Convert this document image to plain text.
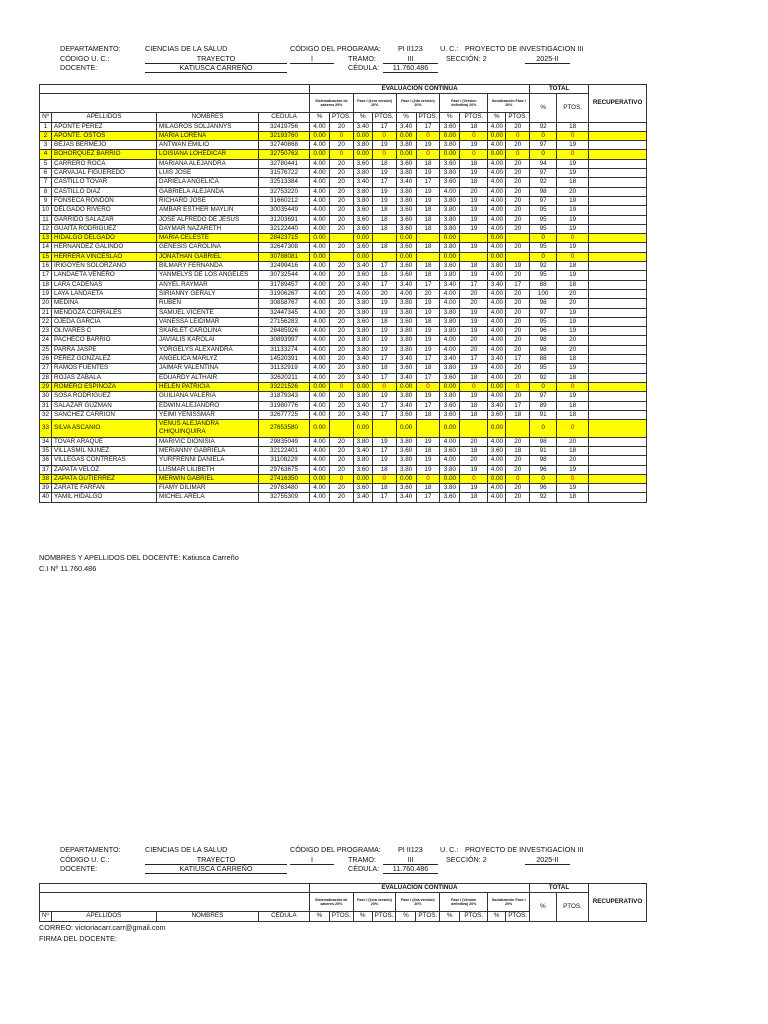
DEPARTAMENTO:	CIENCIAS DE LA SALUD	CÓDIGO DEL PROGRAMA: PI II123 U. C.: PROYECTO DE INVESTIGACION III
CÓDIGO U. C.:	TRAYECTO	I	TRAMO:	III	SECCIÓN: 2	2025-II
DOCENTE:	KATIUSCA CARREÑO	CÉDULA:	11.760.486
				EVALUACIÓN CONTINUA										TOTAL		RECUPERATIVO
				Sistematización de saberes 20%		Fase I (1era versión) 20%		Fase I (2da versión) 20%		Fase I (Versión definitiva) 20%		Socialización Fase I 20%		%	PTOS.	
Nº	APELLIDOS	NOMBRES	CÉDULA	%	PTOS.	%	PTOS.	%	PTOS.	%	PTOS.	%	PTOS.			
1	APONTE PEREZ	MILAGROS SOLJANNYS	32419756	4.00	20	3.40	17	3.40	17	3.60	18	4.00	20	92	18	
2	APONTE. OSTOS	MARIA LORENA	32193760	0.00	0	0.00	0	0.00	0	0.00	0	0.00	0	0	0	
3	BEJAS BERMEJO	ANTWAN EMILIO	32740868	4.00	20	3.80	19	3.80	19	3.80	19	4.00	20	97	19	
4	BOHORQUEZ BARRIO	LOISIANA LOHEDICAR	32750763	0.00	0	0.00	0	0.00	0	0.00	0	0.00	0	0	0	
5	CARRERO ROCA	MARIANA ALEJANDRA	32780441	4.00	20	3.60	18	3.60	18	3.60	18	4.00	20	94	19	
6	CARVAJAL FIGUEREDO	LUIS JOSE	31576722	4.00	20	3.80	19	3.80	19	3.80	19	4.00	20	97	19	
7	CASTILLO TOVAR	DARIELA ANGELICA	32513384	4.00	20	3.40	17	3.40	17	3.60	18	4.00	20	92	18	
8	CASTILLO DIAZ	GABRIELA ALEJANDA	32753220	4.00	20	3.80	19	3.80	19	4.00	20	4.00	20	98	20	
9	FONSECA RONDON	RICHARD JOSE	31660212	4.00	20	3.80	19	3.80	19	3.80	19	4.00	20	97	19	
10	DELGADO RIVERO	AMBAR ESTHER MAYLIN	30035449	4.00	20	3.60	18	3.60	18	3.80	19	4.00	20	95	19	
11	GARRIDO SALAZAR	JOSE ALFREDO DE JESUS	31203691	4.00	20	3.60	18	3.60	18	3.80	19	4.00	20	95	19	
12	GUAITA RODRIGUEZ	DAYMAR NAZARETH	32122440	4.00	20	3.60	18	3.60	18	3.80	19	4.00	20	95	19	
13	HIDALGO DELGADO	MARIA CELESTE	28423715	0.00		0.00		0.00		0.00		0.00		0	0	
14	HERNANDEZ GALINDO	GENESIS CAROLINA	32647308	4.00	20	3.60	18	3.60	18	3.80	19	4.00	20	95	19	
15	HERRERA VINCESLAO	JONATHAN GABRIEL	30788081	0.00		0.00		0.00		0.00		0.00		0	0	
16	IRIGOYEN SOLORZANO	BILMARY FERNANDA	32499416	4.00	20	3.40	17	3.60	18	3.60	18	3.80	19	92	18	
17	LANDAETA VENERO	YANMELYS DE LOS ANGELES	30732544	4.00	20	3.60	18	3.60	18	3.80	19	4.00	20	95	19	
18	LARA CADENAS	ANYEL RAYMAR	31789457	4.00	20	3.40	17	3.40	17	3.40	17	3.40	17	88	18	
19	LAYA LANDAETA	SIRIANNY GERALY	31906267	4.00	20	4.00	20	4.00	20	4.00	20	4.00	20	100	20	
20	MEDINA	RUBEN	30858767	4.00	20	3.80	19	3.80	19	4.00	20	4.00	20	98	20	
21	MENDOZA CORRALES	SAMUEL VICENTE	32447345	4.00	20	3.80	19	3.80	19	3.80	19	4.00	20	97	19	
22	OJEDA GARCIA	VANESSA LEIDIMAR	27156283	4.00	20	3.60	18	3.60	18	3.80	19	4.00	20	95	19	
23	OLIVARES C	SKARLET CAROLINA	28485926	4.00	20	3.80	19	3.80	19	3.80	19	4.00	20	96	19	
24	PACHECO BARRIO	JAVIALIS KAROLAI	30893997	4.00	20	3.80	19	3.80	19	4.00	20	4.00	20	98	20	
25	PARRA JASPE	YORGELYS ALEXANDRA	31133274	4.00	20	3.80	19	3.80	19	4.00	20	4.00	20	98	20	
26	PEREZ GONZALEZ	ANGELICA MARLYZ	14520391	4.00	20	3.40	17	3.40	17	3.40	17	3.40	17	88	18	
27	RAMOS FUENTES	JAIMAR VALENTINA	31132919	4.00	20	3.60	18	3.60	18	3.80	19	4.00	20	95	19	
28	ROJAS ZABALA	EDUARDY ALTHAIR	32620211	4.00	20	3.40	17	3.40	17	3.60	18	4.00	20	92	18	
29	ROMERO ESPINOZA	HELEN PATRICIA	33221526	0.00	0	0.00	0	0.00	0	0.00	0	0.00	0	0	0	
30	SOSA RODRIGUEZ	GUILIANA VALERIA	31879343	4.00	20	3.80	19	3.80	19	3.80	19	4.00	20	97	19	
31	SALAZAR GUZMAN	EDWIN ALEJANDRO	31980776	4.00	20	3.40	17	3.40	17	3.60	18	3.40	17	89	18	
32	SANCHEZ CARRION	YEIMI YENISSMAR	32677725	4.00	20	3.40	17	3.60	18	3.60	18	3.60	18	91	18	
33	SILVA ASCANIO	VENUS ALEJANDRA CHIQUINQUIRA	27653580	0.00		0.00		0.00		0.00		0.00		0	0	
34	TOVAR ARAQUE	MARIVIC DIONISIA	29835049	4.00	20	3.80	19	3.80	19	4.00	20	4.00	20	98	20	
35	VILLASMIL NUÑEZ	MERIANNY GABRIELA	32122401	4.00	20	3.40	17	3.60	18	3.60	18	3.60	18	91	18	
36	VILLEGAS CONTRERAS	YURFRENNI DANIELA	31108229	4.00	20	3.80	19	3.80	19	4.00	20	4.00	20	98	20	
37	ZAPATA VELOZ	LUSMAR LILIBETH	29763675	4.00	20	3.60	18	3.80	19	3.80	19	4.00	20	96	19	
38	ZAPATA GUTIERREZ	MERWIN GABRIEL	27416350	0.00	0	0.00	0	0.00	0	0.00	0	0.00	0	0	0	
39	ZARATE FARFAN	FIAMY DILIMAR	29763480	4.00	20	3.60	18	3.60	18	3.80	19	4.00	20	96	19	
40	YAMIL HIDALGO	MICHEL ARELA	32755309	4.00	20	3.40	17	3.40	17	3.60	18	4.00	20	92	18	
NOMBRES Y APELLIDOS DEL DOCENTE: Katiusca Carreño
C.I Nº 11.760.486
DEPARTAMENTO:	CIENCIAS DE LA SALUD	CÓDIGO DEL PROGRAMA: PI II123 U. C.: PROYECTO DE INVESTIGACION III
CÓDIGO U. C.:	TRAYECTO	I	TRAMO:	III	SECCIÓN: 2	2025-II
DOCENTE:	KATIUSCA CARREÑO	CÉDULA:	11.760.486
				EVALUACIÓN CONTINUA										TOTAL		RECUPERATIVO
				Sistematización de saberes 20%		Fase I (1era versión) 20%		Fase I (2da versión) 20%		Fase I (Versión definitiva) 20%		Socialización Fase I 20%		%	PTOS.	
Nº	APELLIDOS	NOMBRES	CÉDULA	%	PTOS.	%	PTOS.	%	PTOS.	%	PTOS.	%	PTOS.			
CORREO: victoriacarr.carr@gmail.com
FIRMA DEL DOCENTE:
